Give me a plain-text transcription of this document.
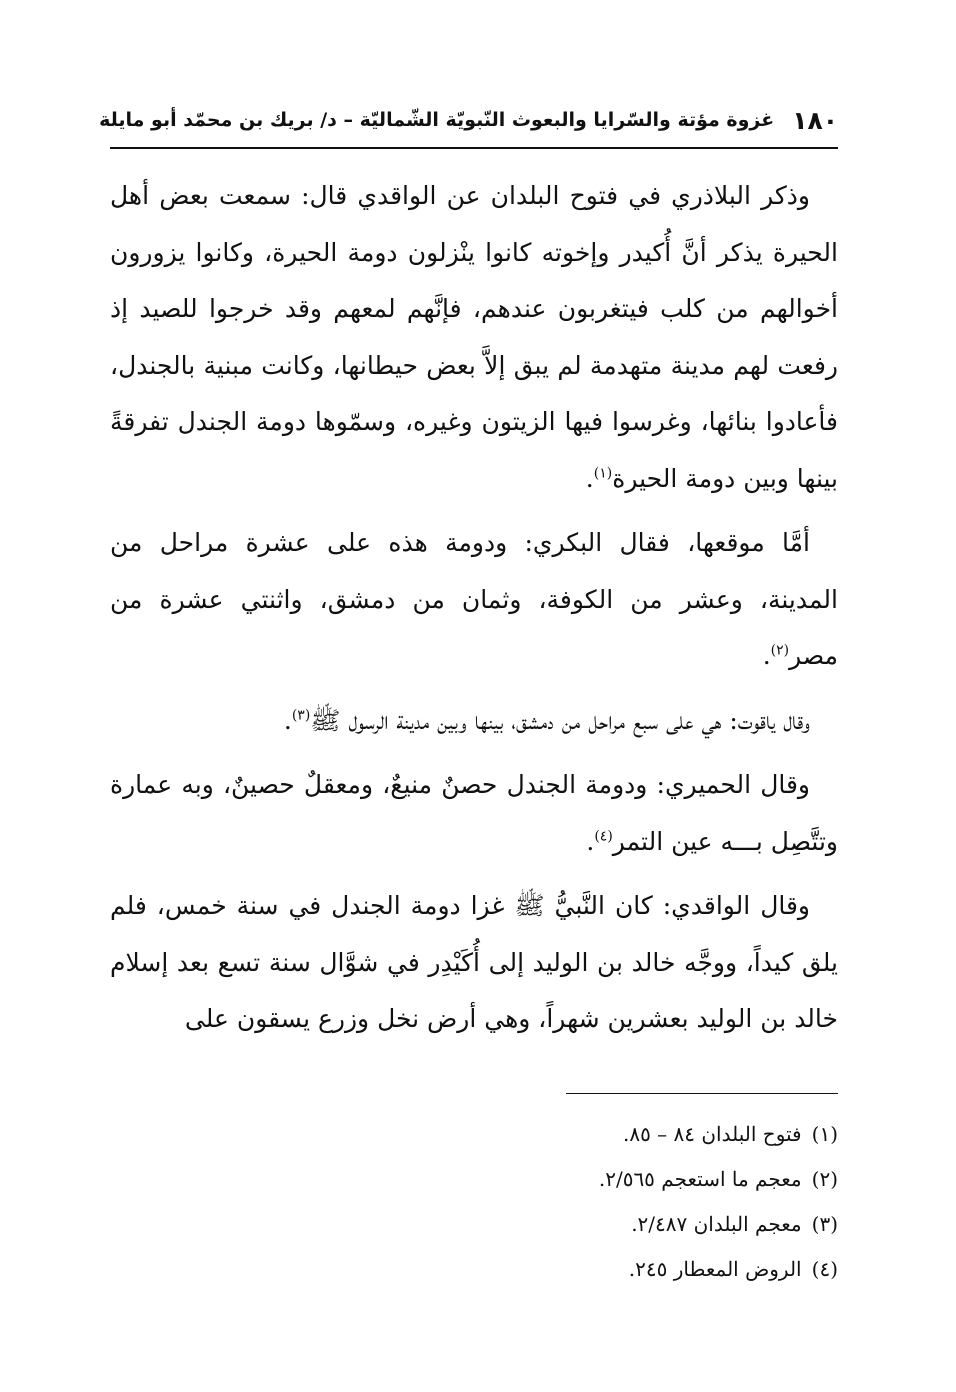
١٨٠
غزوة مؤتة والسّرايا والبعوث النّبويّة الشّماليّة – د/ بريك بن محمّد أبو مايلة

وذكر البلاذري في فتوح البلدان عن الواقدي قال: سمعت بعض أهل الحيرة يذكر أنَّ أُكيدر وإخوته كانوا ينْزلون دومة الحيرة، وكانوا يزورون أخوالهم من كلب فيتغربون عندهم، فإنَّهم لمعهم وقد خرجوا للصيد إذ رفعت لهم مدينة متهدمة لم يبق إلاَّ بعض حيطانها، وكانت مبنية بالجندل، فأعادوا بنائها، وغرسوا فيها الزيتون وغيره، وسمّوها دومة الجندل تفرقةً بينها وبين دومة الحيرة$^{(١)}$.

أمَّا موقعها، فقال البكري: ودومة هذه على عشرة مراحل من المدينة، وعشر من الكوفة، وثمان من دمشق، واثنتي عشرة من مصر$^{(٢)}$.

وقال ياقوت: هي على سبع مراحل من دمشق، بينها وبين مدينة الرسول ﷺ$^{(٣)}$.

وقال الحميري: ودومة الجندل حصنٌ منيعٌ، ومعقلٌ حصينٌ، وبه عمارة وتتَّصِل بـــه عين التمر$^{(٤)}$.

وقال الواقدي: كان النَّبيُّ ﷺ غزا دومة الجندل في سنة خمس، فلم يلق كيداً، ووجَّه خالد بن الوليد إلى أُكَيْدِر في شوَّال سنة تسع بعد إسلام خالد بن الوليد بعشرين شهراً، وهي أرض نخل وزرع يسقون على

(١)فتوح البلدان ٨٤ – ٨٥.
(٢)معجم ما استعجم ٢/٥٦٥.
(٣)معجم البلدان ٢/٤٨٧.
(٤)الروض المعطار ٢٤٥.
